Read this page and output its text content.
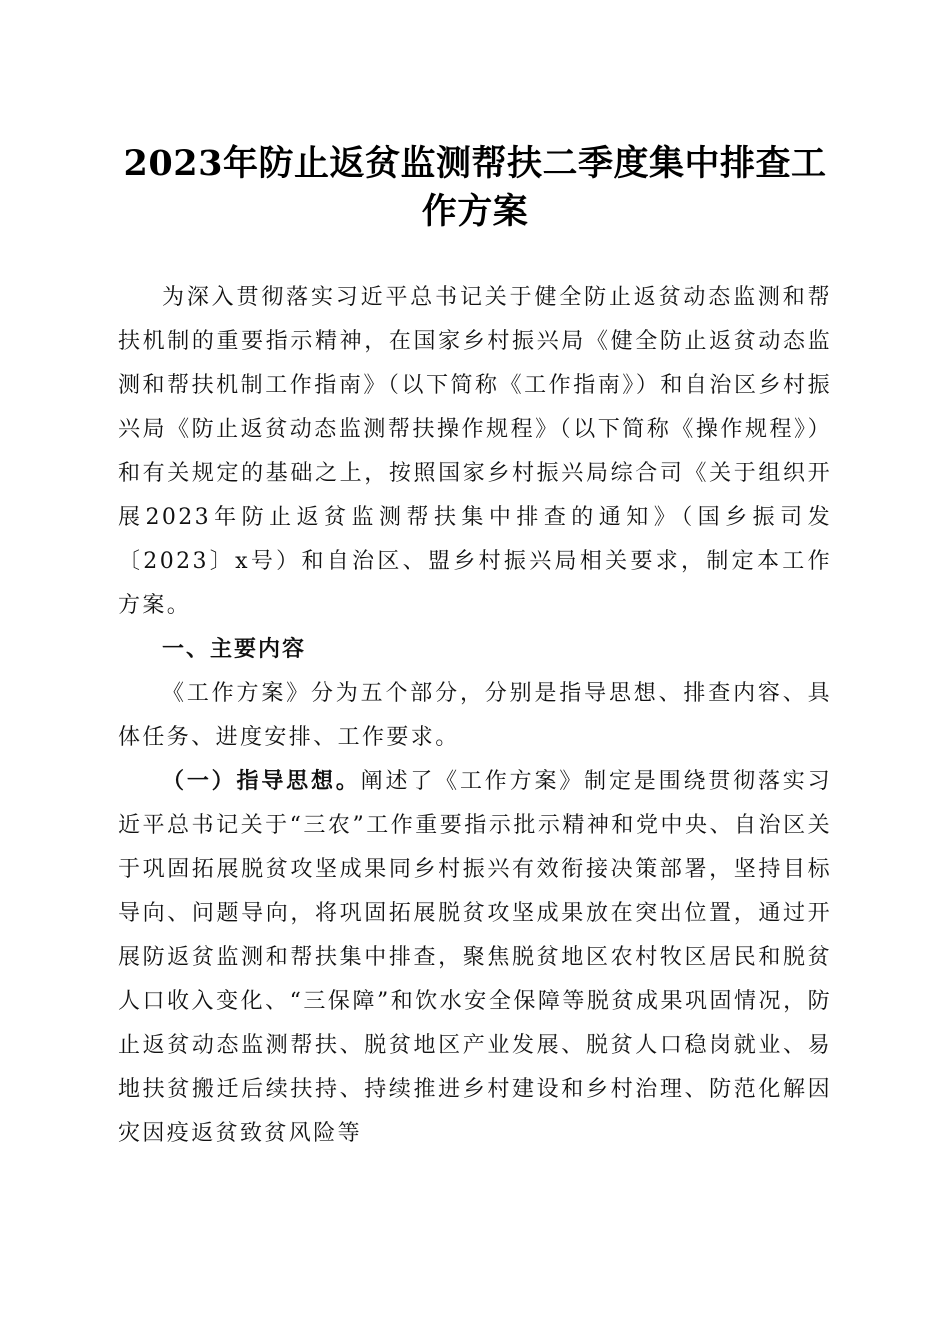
2023年防止返贫监测帮扶二季度集中排查工作方案

为深入贯彻落实习近平总书记关于健全防止返贫动态监测和帮扶机制的重要指示精神，在国家乡村振兴局《健全防止返贫动态监测和帮扶机制工作指南》（以下简称《工作指南》）和自治区乡村振兴局《防止返贫动态监测帮扶操作规程》（以下简称《操作规程》）和有关规定的基础之上，按照国家乡村振兴局综合司《关于组织开展2023年防止返贫监测帮扶集中排查的通知》（国乡振司发〔2023〕x号）和自治区、盟乡村振兴局相关要求，制定本工作方案。

一、主要内容

《工作方案》分为五个部分，分别是指导思想、排查内容、具体任务、进度安排、工作要求。

（一）指导思想。阐述了《工作方案》制定是围绕贯彻落实习近平总书记关于“三农”工作重要指示批示精神和党中央、自治区关于巩固拓展脱贫攻坚成果同乡村振兴有效衔接决策部署，坚持目标导向、问题导向，将巩固拓展脱贫攻坚成果放在突出位置，通过开展防返贫监测和帮扶集中排查，聚焦脱贫地区农村牧区居民和脱贫人口收入变化、“三保障”和饮水安全保障等脱贫成果巩固情况，防止返贫动态监测帮扶、脱贫地区产业发展、脱贫人口稳岗就业、易地扶贫搬迁后续扶持、持续推进乡村建设和乡村治理、防范化解因灾因疫返贫致贫风险等
